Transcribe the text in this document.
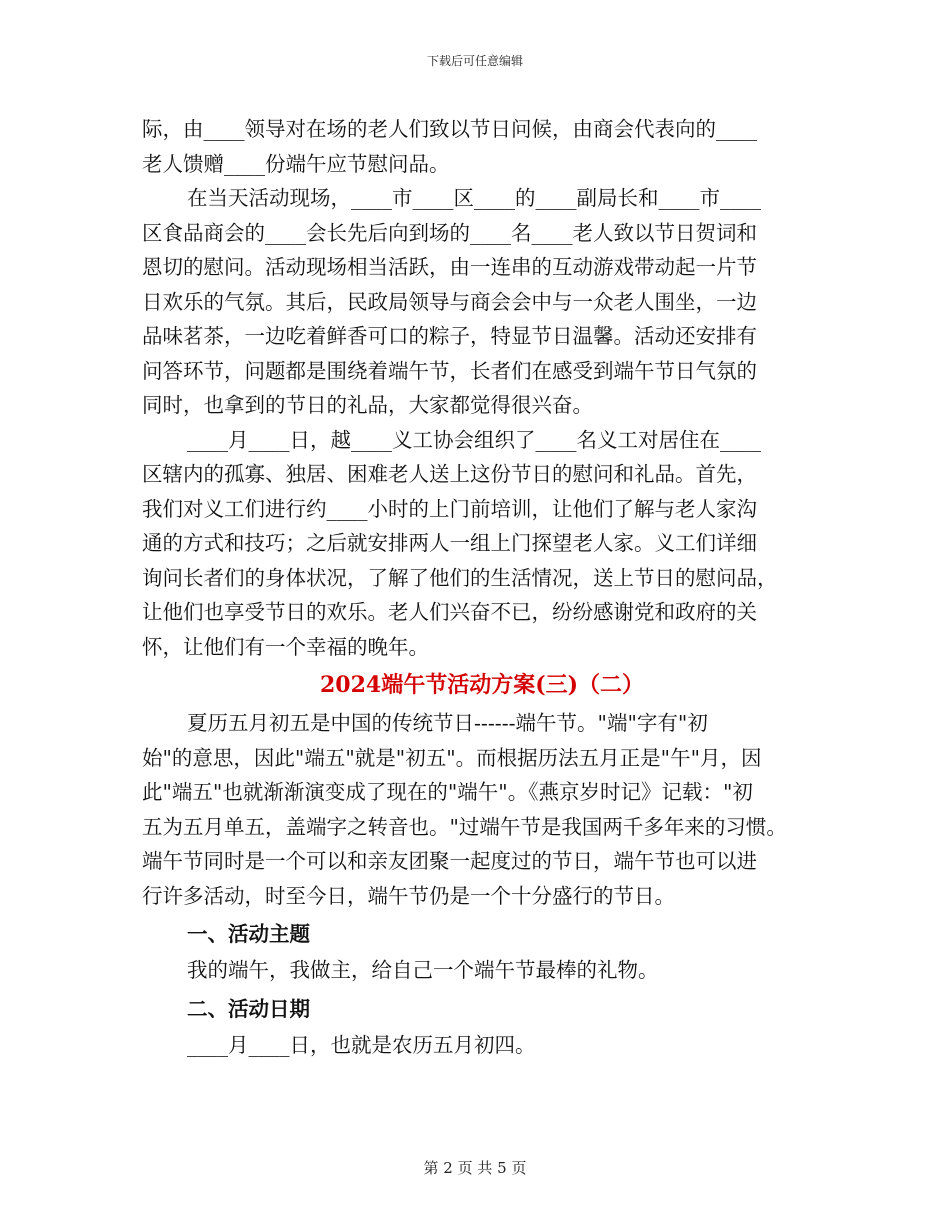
下载后可任意编辑
际，由____领导对在场的老人们致以节日问候，由商会代表向的____
老人馈赠____份端午应节慰问品。
在当天活动现场，____市____区____的____副局长和____市____
区食品商会的____会长先后向到场的____名____老人致以节日贺词和
恩切的慰问。活动现场相当活跃，由一连串的互动游戏带动起一片节
日欢乐的气氛。其后，民政局领导与商会会中与一众老人围坐，一边
品味茗茶，一边吃着鲜香可口的粽子，特显节日温馨。活动还安排有
问答环节，问题都是围绕着端午节，长者们在感受到端午节日气氛的
同时，也拿到的节日的礼品，大家都觉得很兴奋。
____月____日，越____义工协会组织了____名义工对居住在____
区辖内的孤寡、独居、困难老人送上这份节日的慰问和礼品。首先，
我们对义工们进行约____小时的上门前培训，让他们了解与老人家沟
通的方式和技巧；之后就安排两人一组上门探望老人家。义工们详细
询问长者们的身体状况，了解了他们的生活情况，送上节日的慰问品，
让他们也享受节日的欢乐。老人们兴奋不已，纷纷感谢党和政府的关
怀，让他们有一个幸福的晚年。
2024端午节活动方案(三)（二）
夏历五月初五是中国的传统节日------端午节。"端"字有"初
始"的意思，因此"端五"就是"初五"。而根据历法五月正是"午"月，因
此"端五"也就渐渐演变成了现在的"端午"。《燕京岁时记》记载："初
五为五月单五，盖端字之转音也。"过端午节是我国两千多年来的习惯。
端午节同时是一个可以和亲友团聚一起度过的节日，端午节也可以进
行许多活动，时至今日，端午节仍是一个十分盛行的节日。
一、活动主题
我的端午，我做主，给自己一个端午节最棒的礼物。
二、活动日期
____月____日，也就是农历五月初四。
第 2 页 共 5 页
